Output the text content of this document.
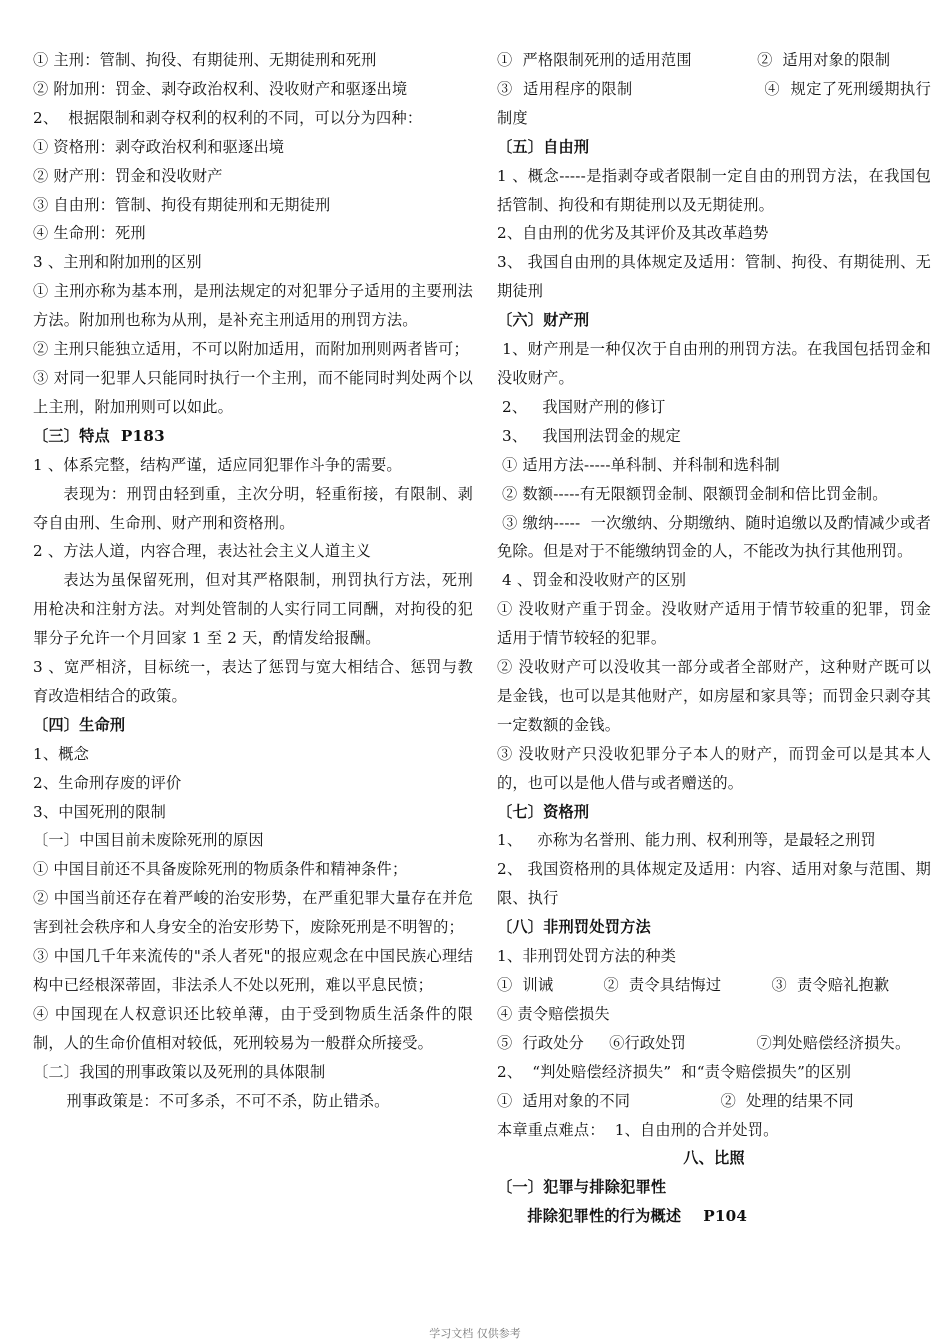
① 主刑：管制、拘役、有期徒刑、无期徒刑和死刑

② 附加刑：罚金、剥夺政治权利、没收财产和驱逐出境

2、  根据限制和剥夺权利的权利的不同，可以分为四种：

① 资格刑：剥夺政治权利和驱逐出境

② 财产刑：罚金和没收财产

③ 自由刑：管制、拘役有期徒刑和无期徒刑

④ 生命刑：死刑

3 、主刑和附加刑的区别

① 主刑亦称为基本刑，是刑法规定的对犯罪分子适用的主要刑法方法。附加刑也称为从刑，是补充主刑适用的刑罚方法。

② 主刑只能独立适用，不可以附加适用，而附加刑则两者皆可；

③ 对同一犯罪人只能同时执行一个主刑，而不能同时判处两个以上主刑，附加刑则可以如此。

〔三〕特点  P183

1 、体系完整，结构严谨，适应同犯罪作斗争的需要。

表现为：刑罚由轻到重，主次分明，轻重衔接，有限制、剥夺自由刑、生命刑、财产刑和资格刑。

2 、方法人道，内容合理，表达社会主义人道主义

表达为虽保留死刑，但对其严格限制，刑罚执行方法，死刑用枪决和注射方法。对判处管制的人实行同工同酬，对拘役的犯罪分子允许一个月回家 1 至 2 天，酌情发给报酬。

3 、宽严相济，目标统一，表达了惩罚与宽大相结合、惩罚与教育改造相结合的政策。

〔四〕生命刑

1、概念

2、生命刑存废的评价

3、中国死刑的限制

〔一〕中国目前未废除死刑的原因

① 中国目前还不具备废除死刑的物质条件和精神条件；

② 中国当前还存在着严峻的治安形势，在严重犯罪大量存在并危害到社会秩序和人身安全的治安形势下，废除死刑是不明智的；

③ 中国几千年来流传的"杀人者死"的报应观念在中国民族心理结构中已经根深蒂固，非法杀人不处以死刑，难以平息民愤；

④ 中国现在人权意识还比较单薄，由于受到物质生活条件的限制，人的生命价值相对较低，死刑较易为一般群众所接受。

〔二〕我国的刑事政策以及死刑的具体限制

刑事政策是：不可多杀，不可不杀，防止错杀。

①  严格限制死刑的适用范围             ②  适用对象的限制

③  适用程序的限制                         ④  规定了死刑缓期执行制度

〔五〕自由刑

1 、概念-----是指剥夺或者限制一定自由的刑罚方法，在我国包括管制、拘役和有期徒刑以及无期徒刑。

2、自由刑的优劣及其评价及其改革趋势

3、 我国自由刑的具体规定及适用：管制、拘役、有期徒刑、无期徒刑

〔六〕财产刑

1、财产刑是一种仅次于自由刑的刑罚方法。在我国包括罚金和没收财产。

2、   我国财产刑的修订

3、   我国刑法罚金的规定

① 适用方法-----单科制、并科制和选科制

② 数额-----有无限额罚金制、限额罚金制和倍比罚金制。

③ 缴纳-----  一次缴纳、分期缴纳、随时追缴以及酌情减少或者免除。但是对于不能缴纳罚金的人，不能改为执行其他刑罚。

4 、罚金和没收财产的区别

① 没收财产重于罚金。没收财产适用于情节较重的犯罪，罚金适用于情节较轻的犯罪。

② 没收财产可以没收其一部分或者全部财产，这种财产既可以是金钱，也可以是其他财产，如房屋和家具等；而罚金只剥夺其一定数额的金钱。

③ 没收财产只没收犯罪分子本人的财产，而罚金可以是其本人的，也可以是他人借与或者赠送的。

〔七〕资格刑

1、   亦称为名誉刑、能力刑、权利刑等，是最轻之刑罚

2、 我国资格刑的具体规定及适用：内容、适用对象与范围、期限、执行

〔八〕非刑罚处罚方法

1、非刑罚处罚方法的种类

①  训诫          ②  责令具结悔过          ③  责令赔礼抱歉

④ 责令赔偿损失

⑤  行政处分     ⑥行政处罚              ⑦判处赔偿经济损失。

2、  “判处赔偿经济损失”  和“责令赔偿损失”的区别

①  适用对象的不同                  ②  处理的结果不同

本章重点难点：  1、自由刑的合并处罚。

八、比照

〔一〕犯罪与排除犯罪性

排除犯罪性的行为概述    P104

学习文档 仅供参考
